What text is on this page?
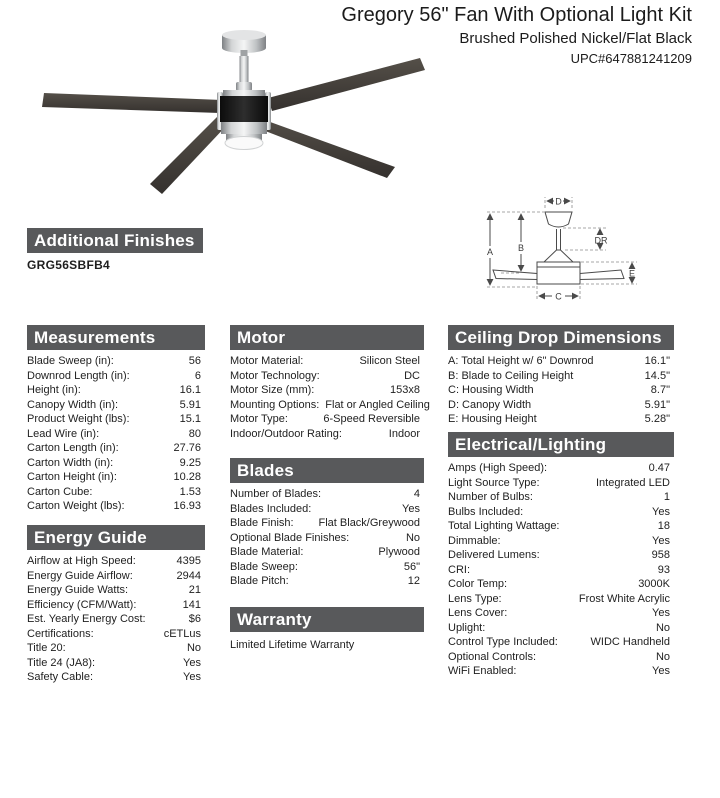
Gregory 56" Fan With Optional Light Kit
Brushed Polished Nickel/Flat Black
UPC#647881241209
Additional Finishes
GRG56SBFB4
A	B
D
DR
E
C
Measurements
Blade Sweep (in):	56
Downrod Length (in):	6
Height (in):	16.1
Canopy Width (in):	5.91
Product Weight (lbs):	15.1
Lead Wire (in):	80
Carton Length (in):	27.76
Carton Width (in):	9.25
Carton Height (in):	10.28
Carton Cube:	1.53
Carton Weight (lbs):	16.93
Energy Guide
Airflow at High Speed:	4395
Energy Guide Airflow:	2944
Energy Guide Watts:	21
Efficiency (CFM/Watt):	141
Est. Yearly Energy Cost:	$6
Certifications:	cETLus
Title 20:	No
Title 24 (JA8):	Yes
Safety Cable:	Yes
Motor
Motor Material:	Silicon Steel
Motor Technology:	DC
Motor Size (mm):	153x8
Mounting Options: Flat or Angled Ceiling
Motor Type:	6-Speed Reversible
Indoor/Outdoor Rating:	Indoor
Blades
Number of Blades:	4
Blades Included:	Yes
Blade Finish:	Flat Black/Greywood
Optional Blade Finishes:	No
Blade Material:	Plywood
Blade Sweep:	56"
Blade Pitch:	12
Warranty
Limited Lifetime Warranty
Ceiling Drop Dimensions
A: Total Height w/ 6" Downrod	16.1"
B: Blade to Ceiling Height	14.5"
C: Housing Width	8.7"
D: Canopy Width	5.91"
E: Housing Height	5.28"
Electrical/Lighting
Amps (High Speed):	0.47
Light Source Type:	Integrated LED
Number of Bulbs:	1
Bulbs Included:	Yes
Total Lighting Wattage:	18
Dimmable:	Yes
Delivered Lumens:	958
CRI:	93
Color Temp:	3000K
Lens Type:	Frost White Acrylic
Lens Cover:	Yes
Uplight:	No
Control Type Included:	WIDC Handheld
Optional Controls:	No
WiFi Enabled:	Yes
